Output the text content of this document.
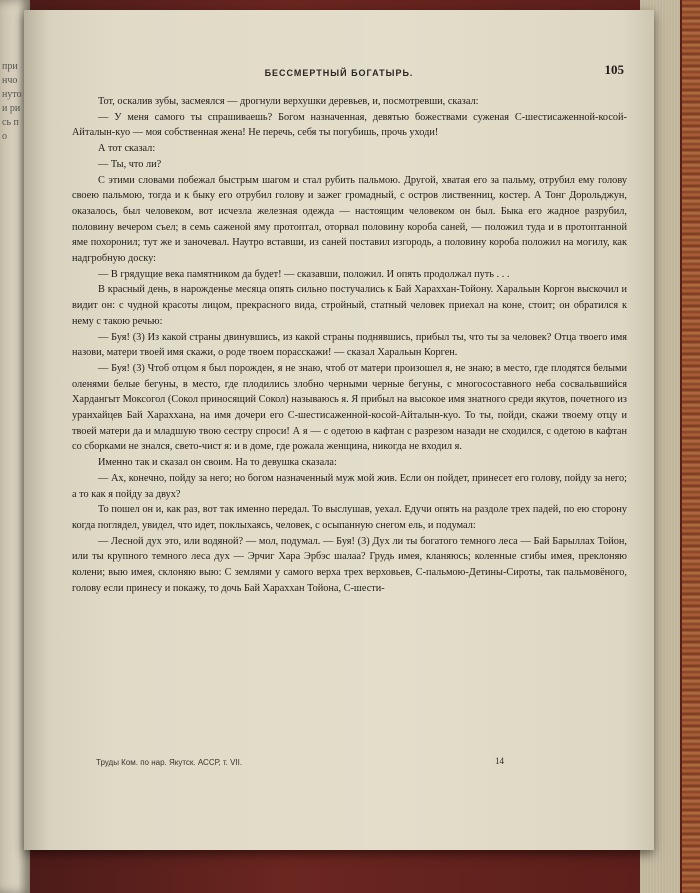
принчонуто и ри сь по
БЕССМЕРТНЫЙ БОГАТЫРЬ.	105

Тот, оскалив зубы, засмеялся — дрогнули верхушки деревьев, и, посмотревши, сказал:

— У меня самого ты спрашиваешь? Богом назначенная, девятью божествами суженая С-шестисаженной-косой-Айталын-куо — моя собственная жена! Не перечь, себя ты погубишь, прочь уходи!

А тот сказал:

— Ты, что ли?

С этими словами побежал быстрым шагом и стал рубить пальмою. Другой, хватая его за пальму, отрубил ему голову своею пальмою, тогда и к быку его отрубил голову и зажег громадный, с остров лиственниц, костер. А Тонг Дорольджун, оказалось, был человеком, вот исчезла железная одежда — настоящим человеком он был. Быка его жадное разрубил, половину вечером съел; в семь саженой яму протоптал, оторвал половину короба саней, — положил туда и в протоптанной яме похоронил; тут же и заночевал. Наутро вставши, из саней поставил изгородь, а половину короба положил на могилу, как надгробную доску:

— В грядущие века памятником да будет! — сказавши, положил. И опять продолжал путь . . .

В красный день, в нарожденье месяца опять сильно постучались к Бай Хараххан-Тойону. Харальын Коргон выскочил и видит он: с чудной красоты лицом, прекрасного вида, стройный, статный человек приехал на коне, стоит; он обратился к нему с такою речью:

— Буя! (3) Из какой страны двинувшись, из какой страны поднявшись, прибыл ты, что ты за человек? Отца твоего имя назови, матери твоей имя скажи, о роде твоем порасскажи! — сказал Харальын Корген.

— Буя! (3) Чтоб отцом я был порожден, я не знаю, чтоб от матери произошел я, не знаю; в место, где плодятся белыми оленями белые бегуны, в место, где плодились злобно черными черные бегуны, с многосоставного неба сосвальвшийся Хардангыт Моксогол (Сокол приносящий Сокол) называюсь я. Я прибыл на высокое имя знатного среди якутов, почетного из уранхайцев Бай Хараххана, на имя дочери его С-шестисаженной-косой-Айталын-куо. То ты, пойди, скажи твоему отцу и твоей матери да и младшую твою сестру спроси! А я — с одетою в кафтан с разрезом назади не сходился, с одетою в кафтан со сборками не знался, свето-чист я: и в доме, где рожала женщина, никогда не входил я.

Именно так и сказал он своим. На то девушка сказала:

— Ах, конечно, пойду за него; но богом назначенный муж мой жив. Если он пойдет, принесет его голову, пойду за него; а то как я пойду за двух?

То пошел он и, как раз, вот так именно передал. То выслушав, уехал. Едучи опять на раздоле трех падей, по ею сторону когда поглядел, увидел, что идет, поклыхаясь, человек, с осыпанную снегом ель, и подумал:

— Лесной дух это, или водяной? — мол, подумал. — Буя! (3) Дух ли ты богатого темного леса — Бай Барыллах Тойон, или ты крупного темного леса дух — Эрчиг Хара Эрбэс шалаа? Грудь имея, кланяюсь; коленные сгибы имея, преклоняю колени; выю имея, склоняю выю: С землями у самого верха трех верховьев, С-пальмою-Детины-Сироты, так пальмовёного, голову если принесу и покажу, то дочь Бай Хараххан Тойона, С-шести-

Труды Ком. по нар. Якутск. АССР, т. VII.	14
